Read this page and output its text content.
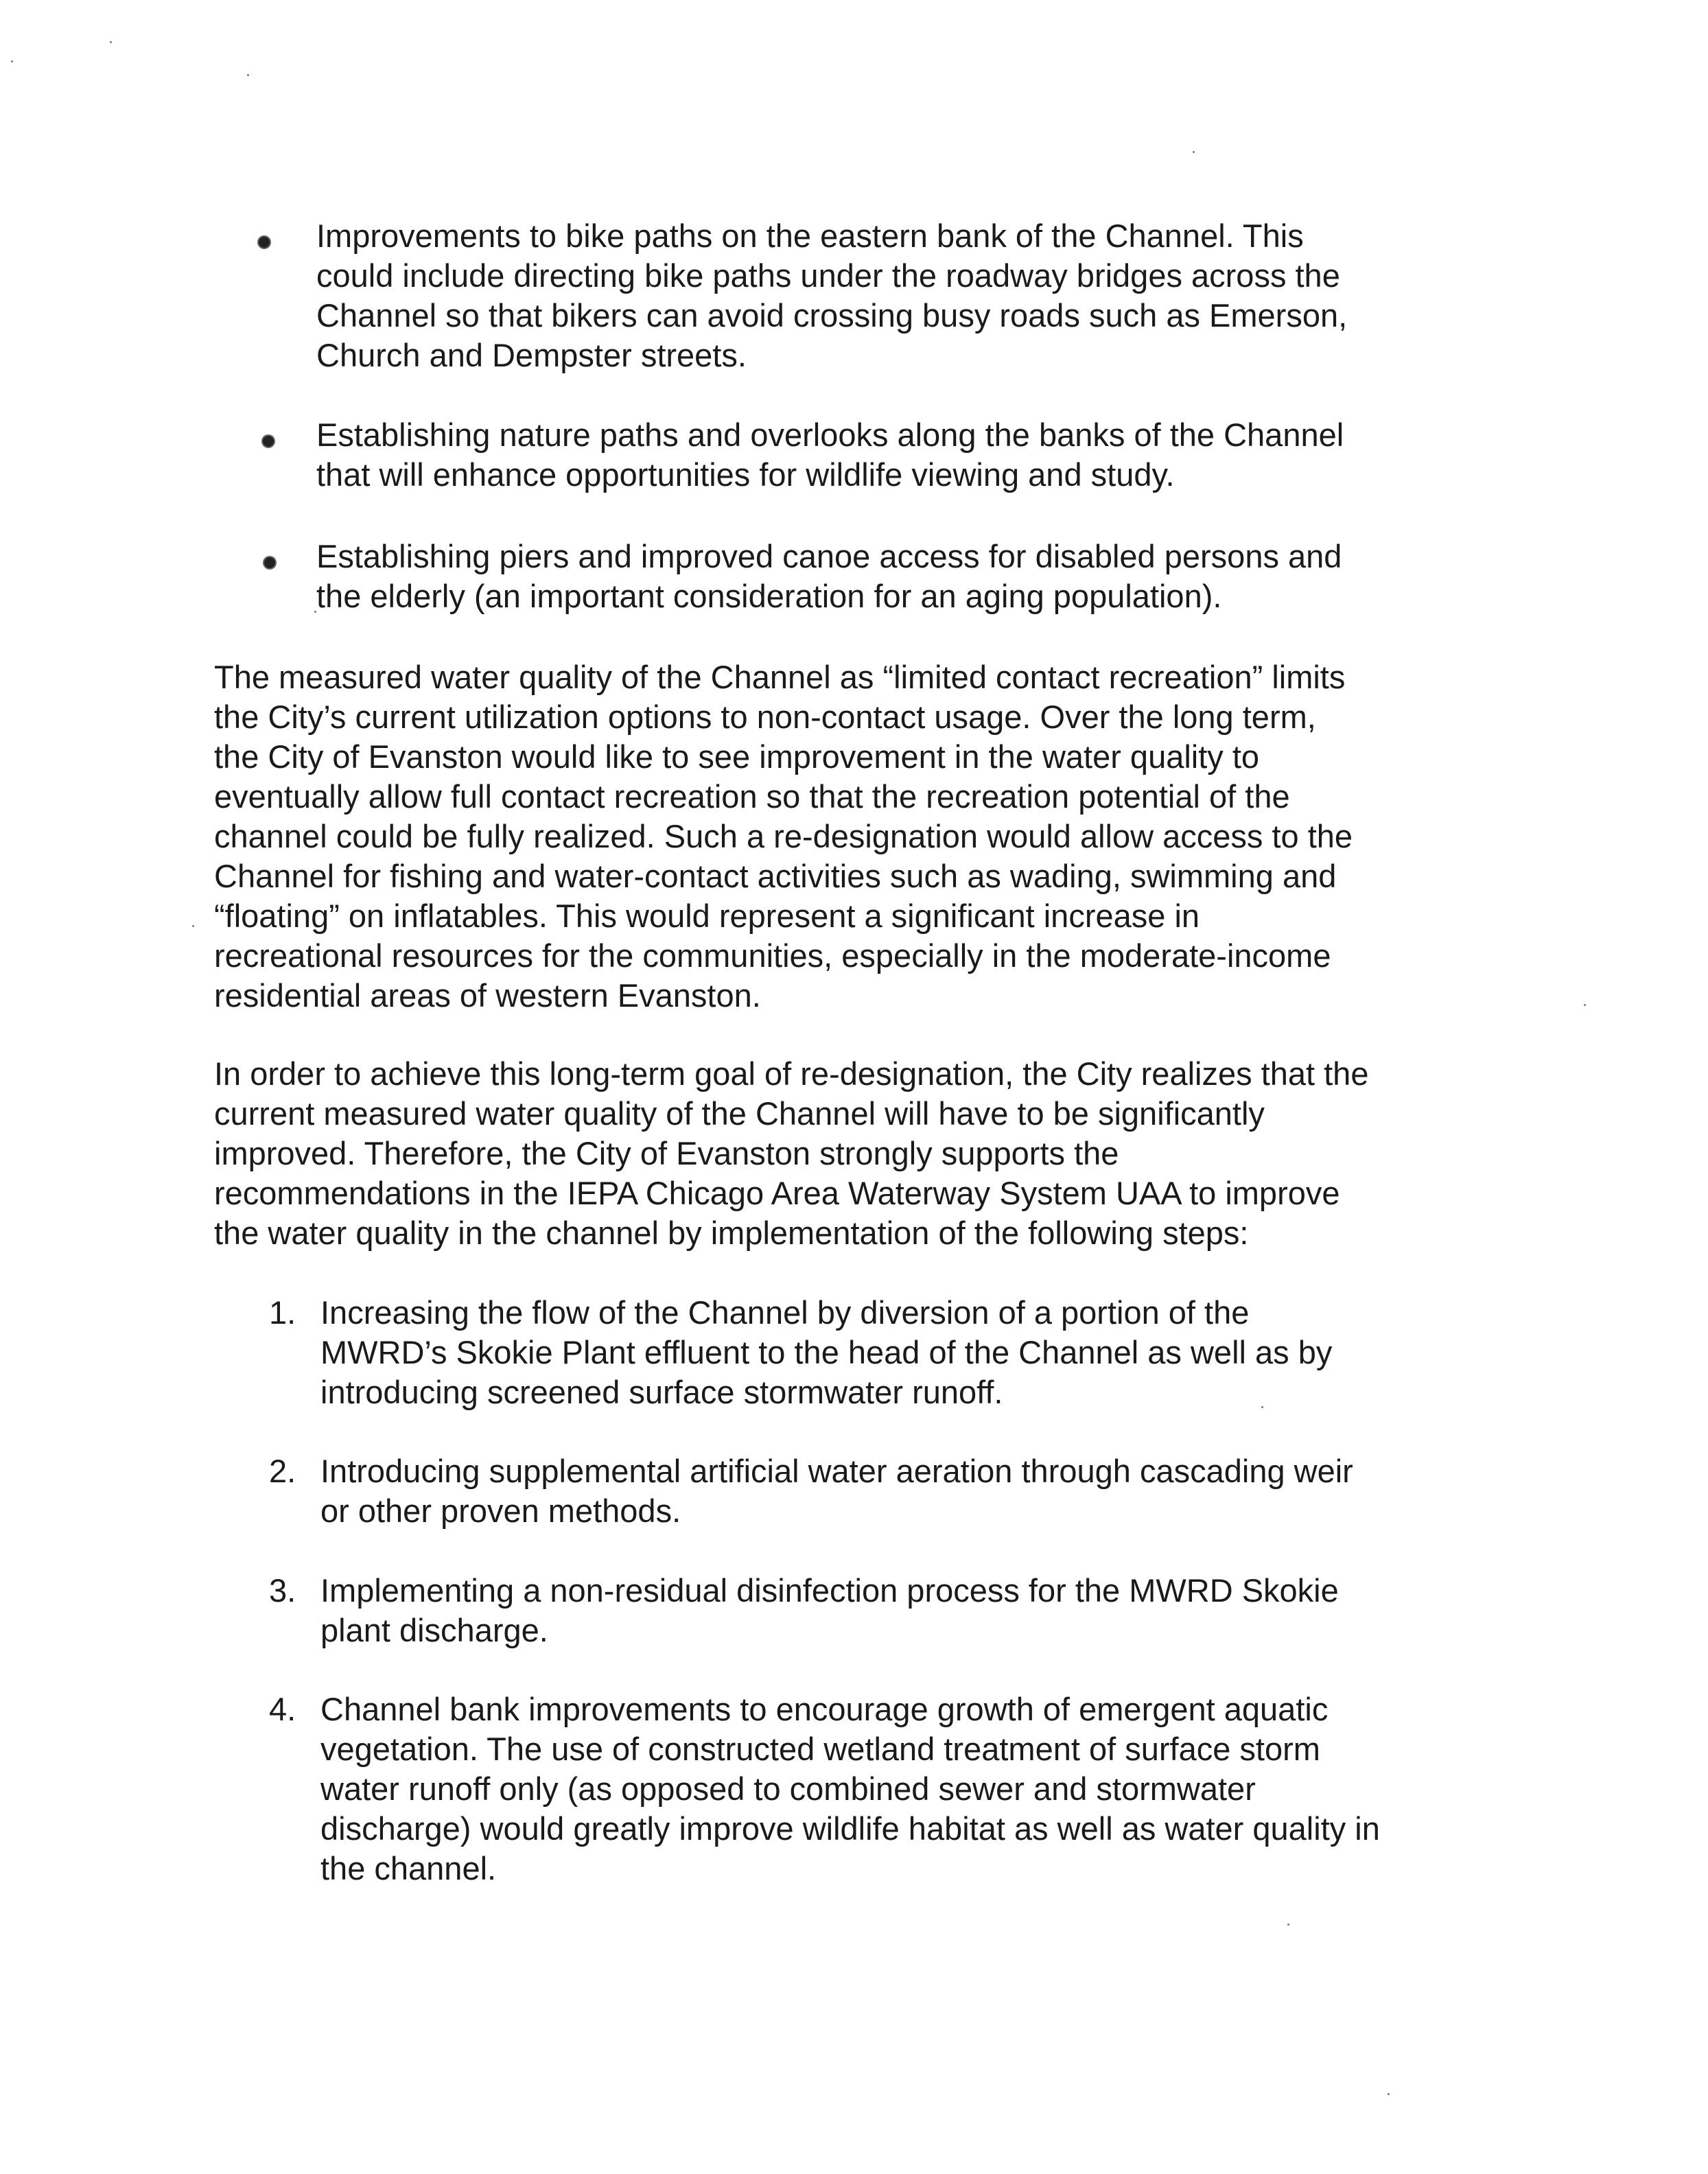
Improvements to bike paths on the eastern bank of the Channel. This
could include directing bike paths under the roadway bridges across the
Channel so that bikers can avoid crossing busy roads such as Emerson,
Church and Dempster streets.
Establishing nature paths and overlooks along the banks of the Channel
that will enhance opportunities for wildlife viewing and study.
Establishing piers and improved canoe access for disabled persons and
the elderly (an important consideration for an aging population).
The measured water quality of the Channel as “limited contact recreation” limits
the City’s current utilization options to non-contact usage. Over the long term,
the City of Evanston would like to see improvement in the water quality to
eventually allow full contact recreation so that the recreation potential of the
channel could be fully realized. Such a re-designation would allow access to the
Channel for fishing and water-contact activities such as wading, swimming and
“floating” on inflatables. This would represent a significant increase in
recreational resources for the communities, especially in the moderate-income
residential areas of western Evanston.
In order to achieve this long-term goal of re-designation, the City realizes that the
current measured water quality of the Channel will have to be significantly
improved. Therefore, the City of Evanston strongly supports the
recommendations in the IEPA Chicago Area Waterway System UAA to improve
the water quality in the channel by implementation of the following steps:
1. Increasing the flow of the Channel by diversion of a portion of the
MWRD’s Skokie Plant effluent to the head of the Channel as well as by
introducing screened surface stormwater runoff.
2. Introducing supplemental artificial water aeration through cascading weir
or other proven methods.
3. Implementing a non-residual disinfection process for the MWRD Skokie
plant discharge.
4. Channel bank improvements to encourage growth of emergent aquatic
vegetation. The use of constructed wetland treatment of surface storm
water runoff only (as opposed to combined sewer and stormwater
discharge) would greatly improve wildlife habitat as well as water quality in
the channel.
